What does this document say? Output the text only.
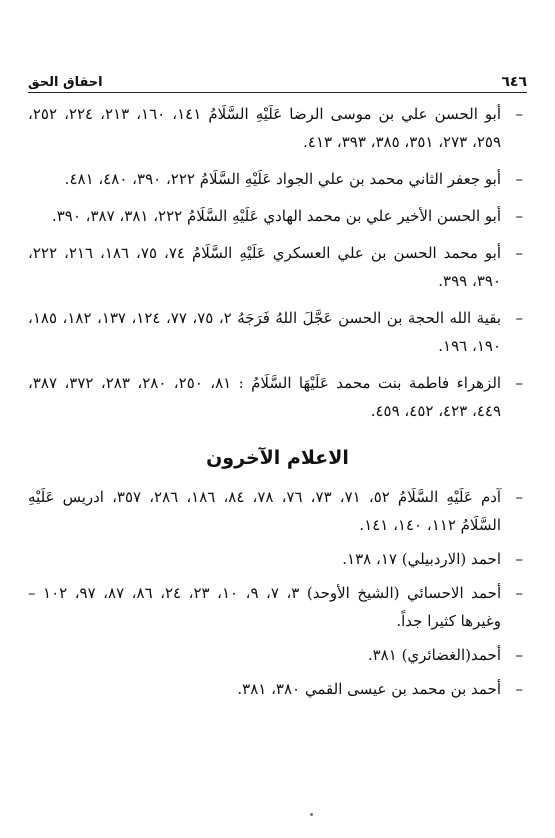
٦٤٦
احقاق الحق
–
أبو الحسن علي بن موسى الرضا عَلَيْهِ السَّلَامُ ١٤١، ١٦٠، ٢١٣، ٢٢٤، ٢٥٢، ٢٥٩، ٢٧٣، ٣٥١، ٣٨٥، ٣٩٣، ٤١٣.
–
أبو جعفر الثاني محمد بن علي الجواد عَلَيْهِ السَّلَامُ ٢٢٢، ٣٩٠، ٤٨٠، ٤٨١.
–
أبو الحسن الأخير علي بن محمد الهادي عَلَيْهِ السَّلَامُ ٢٢٢، ٣٨١، ٣٨٧، ٣٩٠.
–
أبو محمد الحسن بن علي العسكري عَلَيْهِ السَّلَامُ ٧٤، ٧٥، ١٨٦، ٢١٦، ٢٢٢، ٣٩٠، ٣٩٩.
–
بقية الله الحجة بن الحسن عَجَّلَ اللهُ فَرَجَهُ ٢، ٧٥، ٧٧، ١٢٤، ١٣٧، ١٨٢، ١٨٥، ١٩٠، ١٩٦.
–
الزهراء فاطمة بنت محمد عَلَيْهَا السَّلَامُ : ٨١، ٢٥٠، ٢٨٠، ٢٨٣، ٣٧٢، ٣٨٧، ٤٤٩، ٤٢٣، ٤٥٢، ٤٥٩.
الاعلام الآخرون
–
آدم عَلَيْهِ السَّلَامُ ٥٢، ٧١، ٧٣، ٧٦، ٧٨، ٨٤، ١٨٦، ٢٨٦، ٣٥٧، ادريس عَلَيْهِ السَّلَامُ ١١٢، ١٤٠، ١٤١.
–
احمد (الاردبيلي) ١٧، ١٣٨.
–
أحمد الاحسائي (الشيخ الأوحد) ٣، ٧، ٩، ١٠، ٢٣، ٢٤، ٨٦، ٨٧، ٩٧، ١٠٢ – وغيرها كثيرا جداً.
–
أحمد(الغضائري) ٣٨١.
–
أحمد بن محمد بن عيسى القمي ٣٨٠، ٣٨١.
